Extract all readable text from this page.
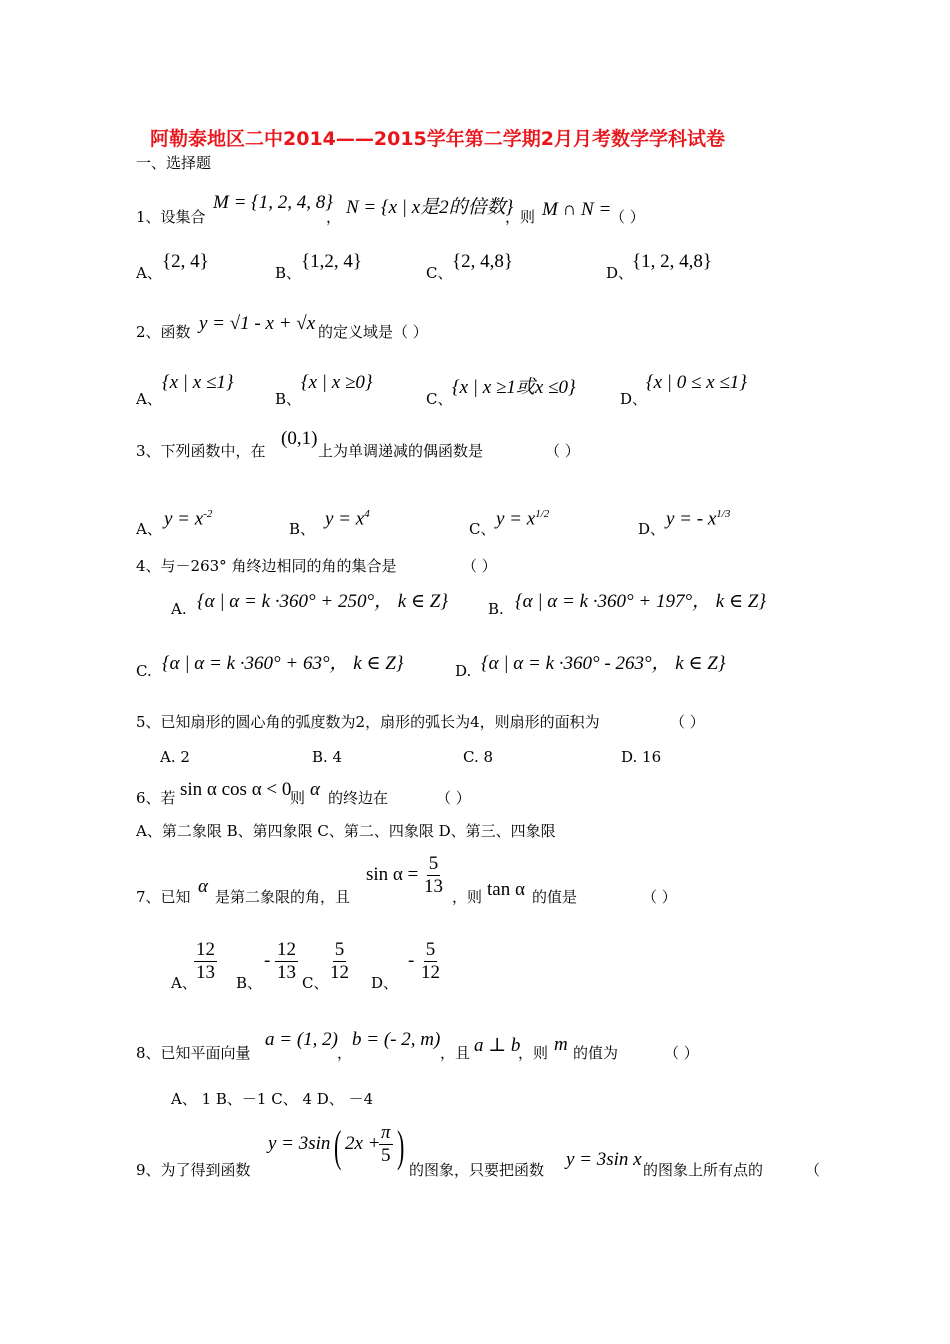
阿勒泰地区二中2014——2015学年第二学期2月月考数学学科试卷
一、选择题
1、设集合
M = {1, 2, 4, 8}
， N = {x | x是2的倍数}
，则 M ∩ N =
（ ）
A、
{2, 4}
B、
{1,2, 4}
C、
{2, 4,8}
D、
{1, 2, 4,8}
2、函数 y = √1 - x + √x 的定义域是（ ）
A、
{x | x ≤1}
B、
{x | x ≥0}
C、
{x | x ≥1或x ≤0}
D、
{x | 0 ≤ x ≤1}
3、下列函数中，在
(0,1)
上为单调递减的偶函数是	（ ）
A、 $y = x^{-2}$
B、 $y = x^4$
C、 $y = x^{1/2}$
D、 y = - $x^{1/3}$
4、与－263° 角终边相同的角的集合是	（ ）
A. {α | α = k ·360° + 250°， k ∈ Z}	B. {α | α = k ·360° + 197°， k ∈ Z}
C. {α | α = k ·360° + 63°， k ∈ Z}	D. {α | α = k ·360° - 263°， k ∈ Z}
5、已知扇形的圆心角的弧度数为2，扇形的弧长为4，则扇形的面积为	（ ）
A. 2	B. 4	C. 8	D. 16
6、若 sin α cos α < 0
则 α 的终边在	（ ）
A、第二象限 B、第四象限 C、第二、四象限 D、第三、四象限
7、已知 α 是第二象限的角，且
$\sin \alpha = \frac{5}{13}$ ，则 tan α 的值是	（ ）
A、
$\frac{12}{13}$ B、
- $\frac{12}{13}$ C、 $\frac{5}{12}$ D、
- $\frac{5}{12}$
8、已知平面向量
a = (1, 2)
，
b = (- 2, m)
，且 a ⊥ b
，则 m 的值为	（ ）
A、 1 B、－1 C、 4 D、 －4
9、为了得到函数
y = 3sin ( 2x +
$\frac{\pi}{5}$ ) 的图象，只要把函数 y = 3sin x 的图象上所有点的	（
